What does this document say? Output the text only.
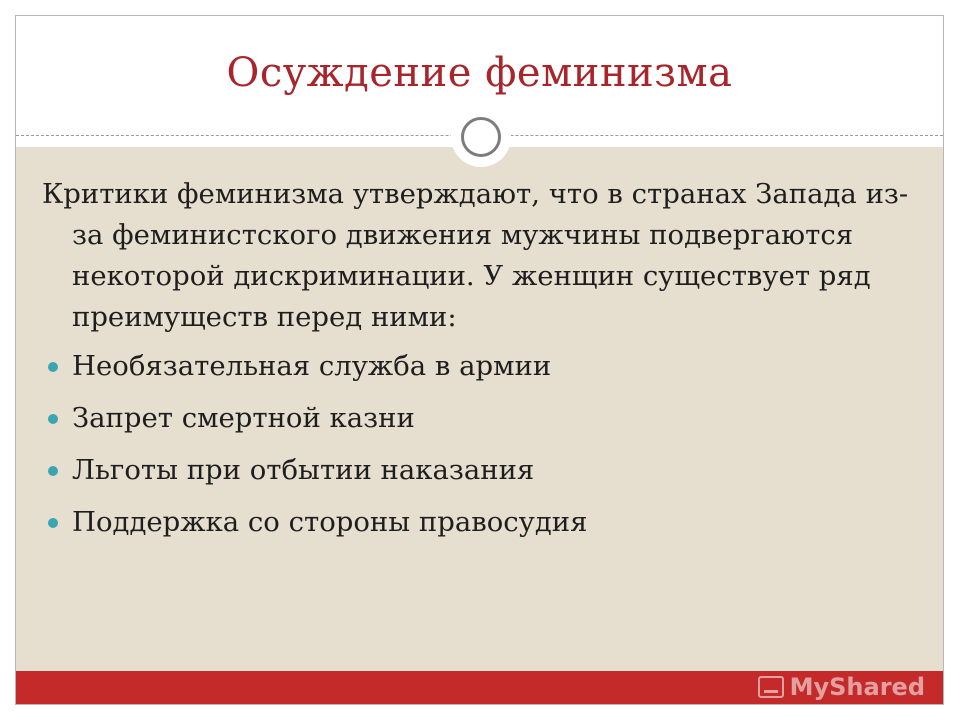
Осуждение феминизма

Критики феминизма утверждают, что в странах Запада из-за феминистского движения мужчины подвергаются некоторой дискриминации. У женщин существует ряд преимуществ перед ними:

Необязательная служба в армии
Запрет смертной казни
Льготы при отбытии наказания
Поддержка со стороны правосудия
MyShared
